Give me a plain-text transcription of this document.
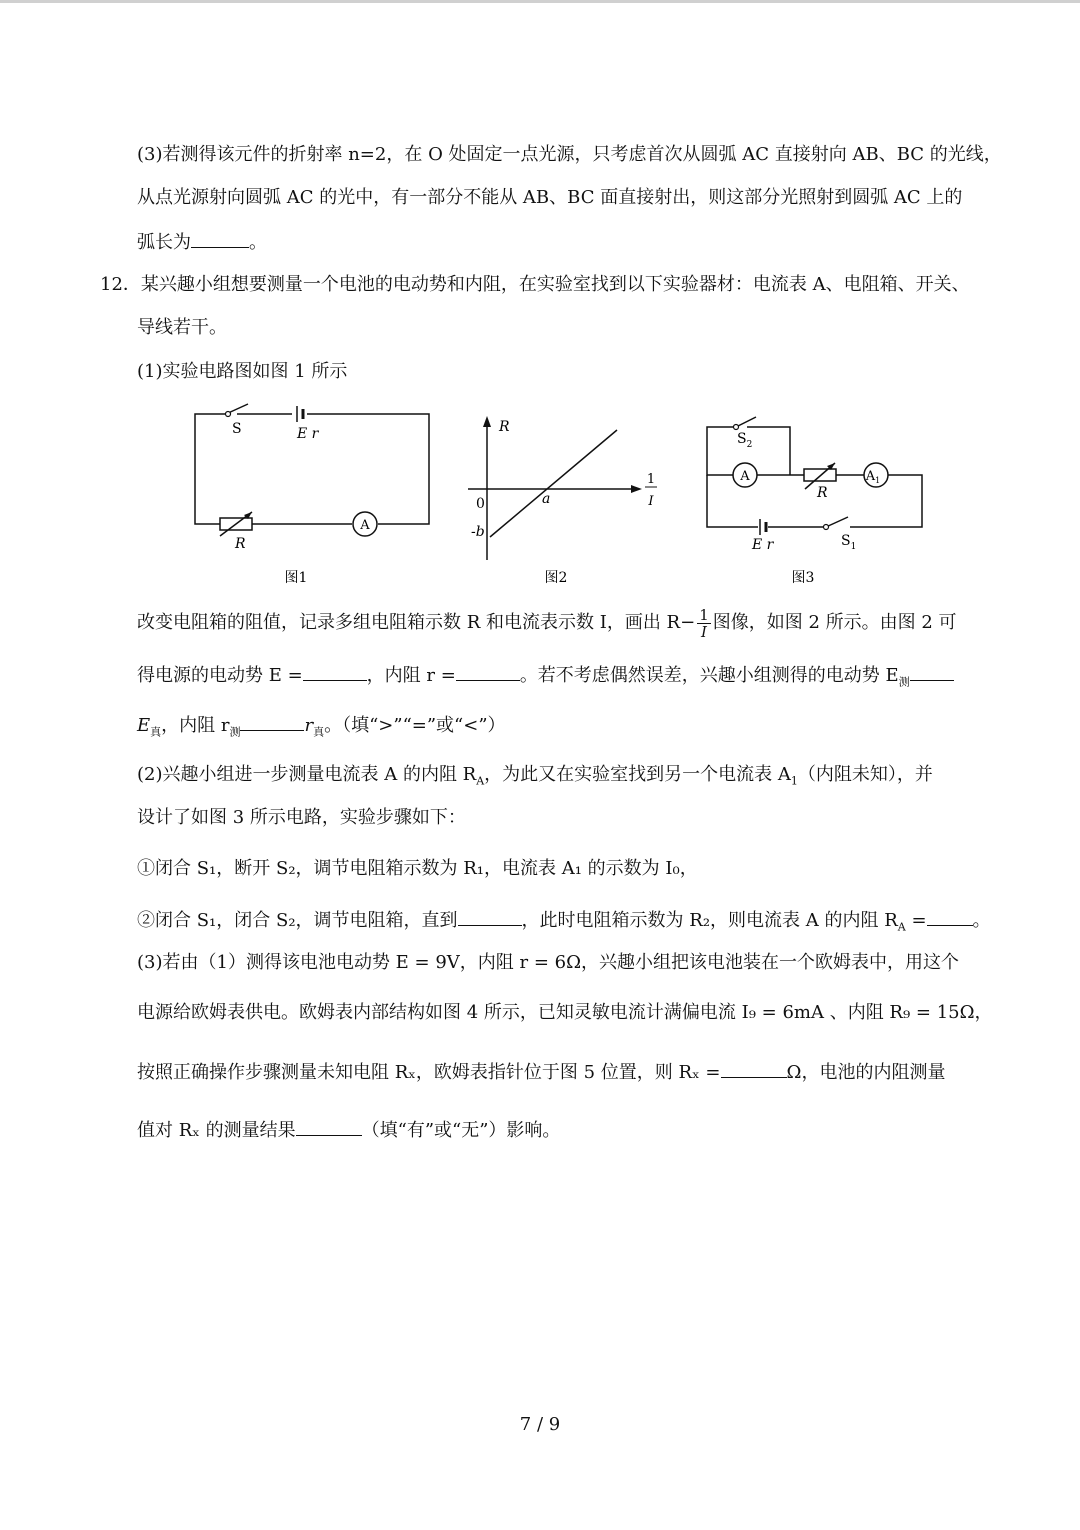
(3)若测得该元件的折射率 n=2，在 O 处固定一点光源，只考虑首次从圆弧 AC 直接射向 AB、BC 的光线，
从点光源射向圆弧 AC 的光中，有一部分不能从 AB、BC 面直接射出，则这部分光照射到圆弧 AC 上的
弧长为	。
12．某兴趣小组想要测量一个电池的电动势和内阻，在实验室找到以下实验器材：电流表 A、电阻箱、开关、
导线若干。
(1)实验电路图如图 1 所示
S	E r
R
A
图1
R
0	a
-b
1
I
图2
$S_2$
A
R
$A_1$
E r	$S_1$
图3
改变电阻箱的阻值，记录多组电阻箱示数 R 和电流表示数 I，画出 $R- \frac{1}{I}$ 图像，如图 2 所示。由图 2 可
得电源的电动势 E =	，内阻 r =	。若不考虑偶然误差，兴趣小组测得的电动势 $E_测$
$E_真$，内阻 $r_测$	$r_真$。（填“>”“=”或“<”）
(2)兴趣小组进一步测量电流表 A 的内阻 $R_A$，为此又在实验室找到另一个电流表 $A_1$（内阻未知），并
设计了如图 3 所示电路，实验步骤如下：
①闭合 S₁，断开 S₂，调节电阻箱示数为 R₁，电流表 A₁ 的示数为 I₀，
②闭合 S₁，闭合 S₂，调节电阻箱，直到	，此时电阻箱示数为 R₂，则电流表 A 的内阻 $R_A$ =	。
(3)若由（1）测得该电池电动势 E = 9V，内阻 r = 6Ω，兴趣小组把该电池装在一个欧姆表中，用这个
电源给欧姆表供电。欧姆表内部结构如图 4 所示，已知灵敏电流计满偏电流 I₉ = 6mA 、内阻 R₉ = 15Ω，
按照正确操作步骤测量未知电阻 Rₓ，欧姆表指针位于图 5 位置，则 Rₓ =	Ω，电池的内阻测量
值对 Rₓ 的测量结果	（填“有”或“无”）影响。
7 / 9
